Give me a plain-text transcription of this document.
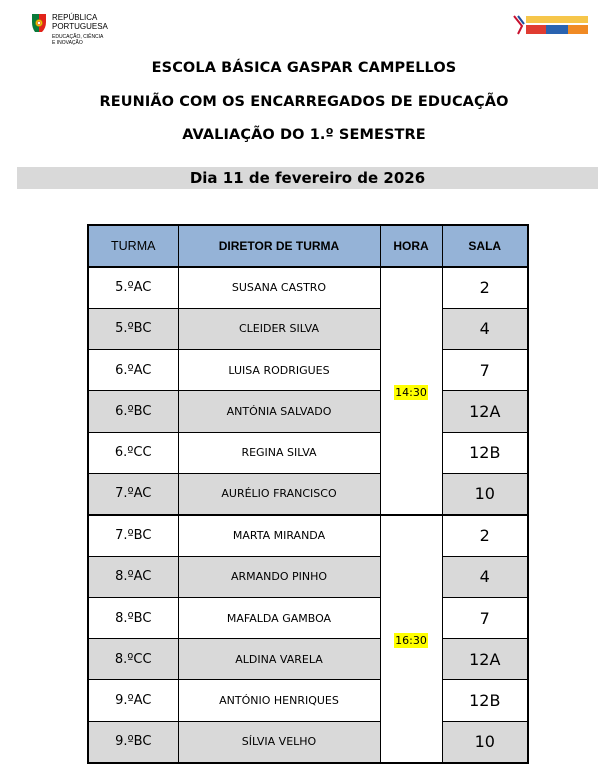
REPÚBLICA
PORTUGUESA
EDUCAÇÃO, CIÊNCIA
E INOVAÇÃO
ESCOLA BÁSICA GASPAR CAMPELLOS
REUNIÃO COM OS ENCARREGADOS DE EDUCAÇÃO
AVALIAÇÃO DO 1.º SEMESTRE
Dia 11 de fevereiro de 2026
TURMA	DIRETOR DE TURMA	HORA	SALA
5.ºAC	SUSANA CASTRO	14:30	2
5.ºBC	CLEIDER SILVA		4
6.ºAC	LUISA RODRIGUES		7
6.ºBC	ANTÓNIA SALVADO		12A
6.ºCC	REGINA SILVA		12B
7.ºAC	AURÉLIO FRANCISCO		10
7.ºBC	MARTA MIRANDA	16:30	2
8.ºAC	ARMANDO PINHO		4
8.ºBC	MAFALDA GAMBOA		7
8.ºCC	ALDINA VARELA		12A
9.ºAC	ANTÓNIO HENRIQUES		12B
9.ºBC	SÍLVIA VELHO		10
